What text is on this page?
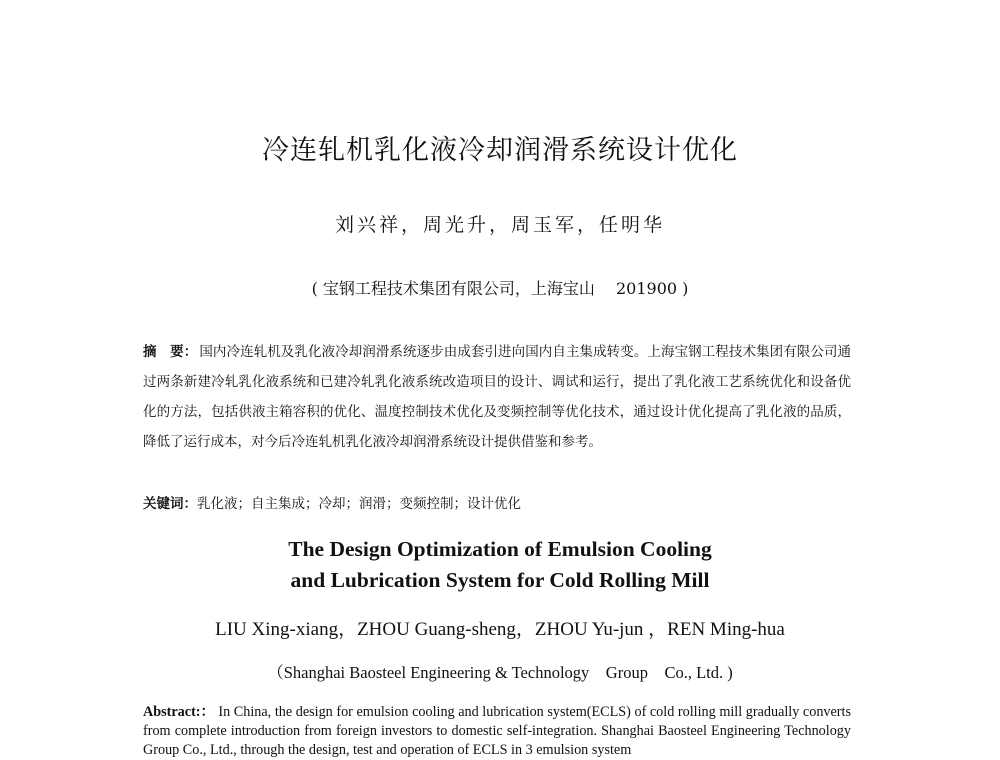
冷连轧机乳化液冷却润滑系统设计优化
刘兴祥，周光升，周玉军，任明华
( 宝钢工程技术集团有限公司，上海宝山　 201900 )
摘　要： 国内冷连轧机及乳化液冷却润滑系统逐步由成套引进向国内自主集成转变。上海宝钢工程技术集团有限公司通过两条新建冷轧乳化液系统和已建冷轧乳化液系统改造项目的设计、调试和运行，提出了乳化液工艺系统优化和设备优化的方法，包括供液主箱容积的优化、温度控制技术优化及变频控制等优化技术，通过设计优化提高了乳化液的品质，降低了运行成本，对今后冷连轧机乳化液冷却润滑系统设计提供借鉴和参考。
关键词：乳化液；自主集成；冷却；润滑；变频控制；设计优化
The Design Optimization of Emulsion Cooling
and Lubrication System for Cold Rolling Mill
LIU Xing-xiang，ZHOU Guang-sheng，ZHOU Yu-jun ，REN Ming-hua
（Shanghai Baosteel Engineering & Technology　Group　Co., Ltd. )
Abstract:： In China, the design for emulsion cooling and lubrication system(ECLS) of cold rolling mill gradually converts from complete introduction from foreign investors to domestic self-integration. Shanghai Baosteel Engineering Technology Group Co., Ltd., through the design, test and operation of ECLS in 3 emulsion system
